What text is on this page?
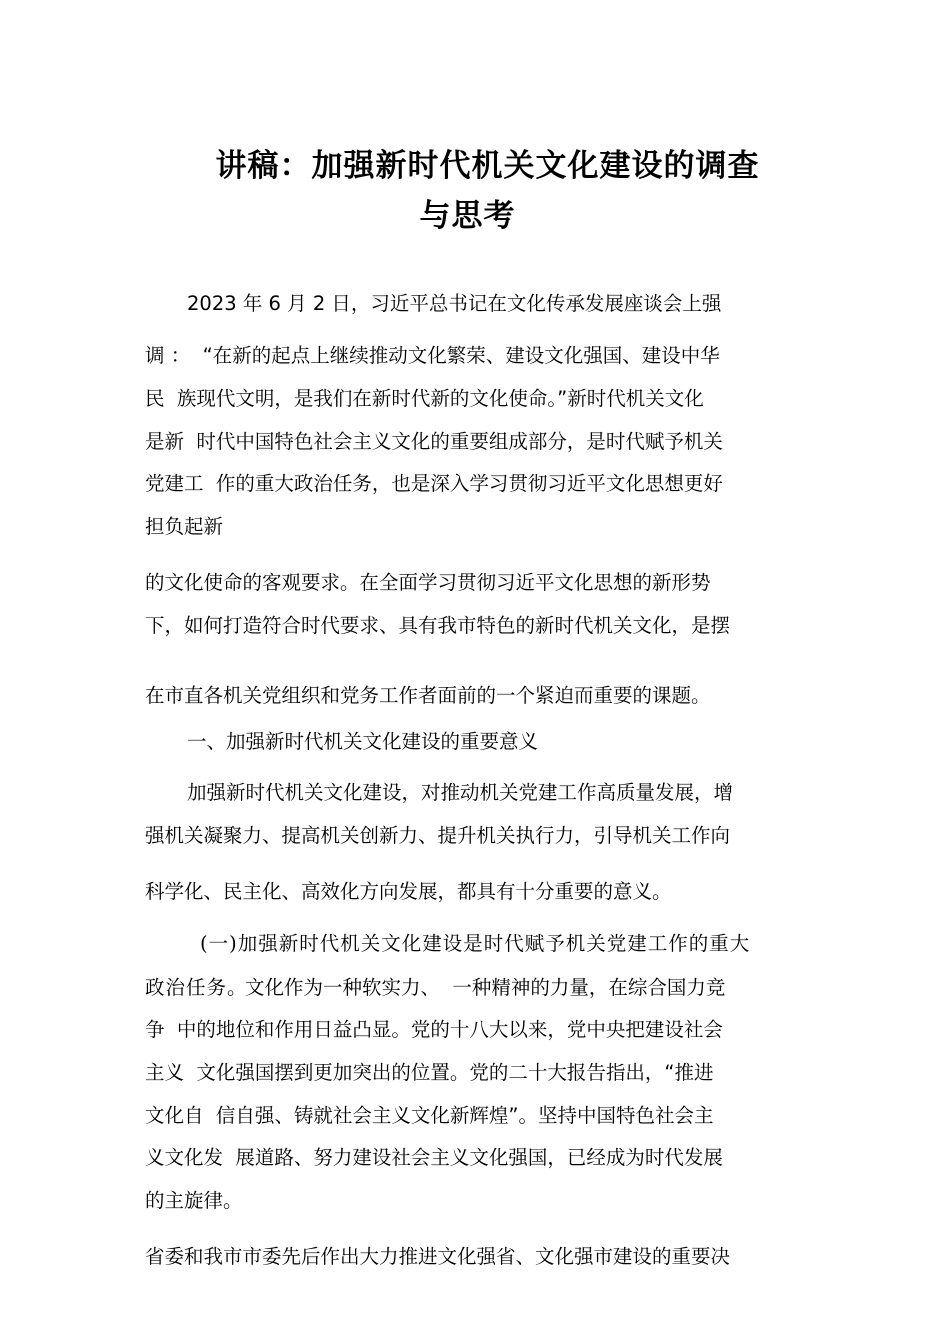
讲稿：加强新时代机关文化建设的调查
与思考
2023 年 6 月 2 日，习近平总书记在文化传承发展座谈会上强
调 ：  “在新的起点上继续推动文化繁荣、建设文化强国、建设中华
民  族现代文明，是我们在新时代新的文化使命。”新时代机关文化
是新  时代中国特色社会主义文化的重要组成部分，是时代赋予机关
党建工  作的重大政治任务，也是深入学习贯彻习近平文化思想更好
担负起新
的文化使命的客观要求。在全面学习贯彻习近平文化思想的新形势
下，如何打造符合时代要求、具有我市特色的新时代机关文化，是摆
在市直各机关党组织和党务工作者面前的一个紧迫而重要的课题。
一、加强新时代机关文化建设的重要意义
加强新时代机关文化建设，对推动机关党建工作高质量发展，增
强机关凝聚力、提高机关创新力、提升机关执行力，引导机关工作向
科学化、民主化、高效化方向发展，都具有十分重要的意义。
(一)加强新时代机关文化建设是时代赋予机关党建工作的重大
政治任务。
文化作为一种软实力、  一种精神的力量，在综合国力竞
争  中的地位和作用日益凸显。党的十八大以来，党中央把建设社会
主义  文化强国摆到更加突出的位置。党的二十大报告指出，“推进
文化自  信自强、铸就社会主义文化新辉煌”。坚持中国特色社会主
义文化发  展道路、努力建设社会主义文化强国，已经成为时代发展
的主旋律。
省委和我市市委先后作出大力推进文化强省、文化强市建设的重要决
